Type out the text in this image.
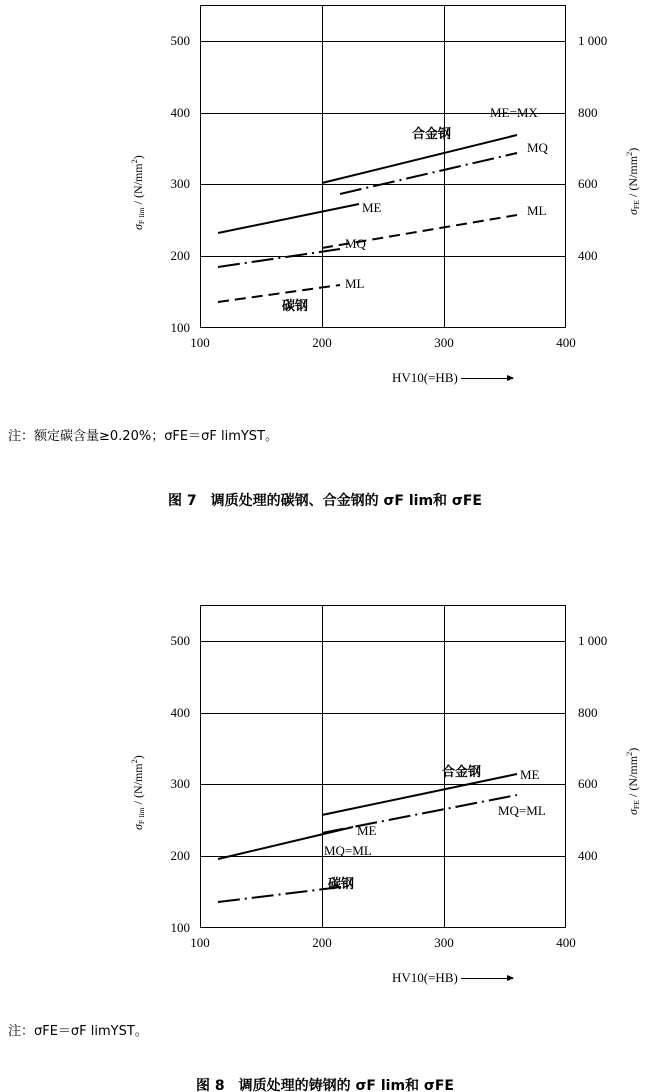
合金钢
碳钢
ME=MX
MQ
ML
ME
MQ
ML
100	200	300	400
100
200
300
400
500
400
600
800
1 000
$\sigma_{F lim} / (N/mm^2)$
$\sigma_{FE} / (N/mm^2)$
HV10(=HB)
注：额定碳含量≥0.20%；σFE＝σF limYST。
图 7　调质处理的碳钢、合金钢的 σF lim和 σFE
合金钢
碳钢
ME
MQ=ML
ME
MQ=ML
100	200	300	400
100
200
300
400
500
400
600
800
1 000
$\sigma_{F lim} / (N/mm^2)$
$\sigma_{FE} / (N/mm^2)$
HV10(=HB)
注：σFE＝σF limYST。
图 8　调质处理的铸钢的 σF lim和 σFE
